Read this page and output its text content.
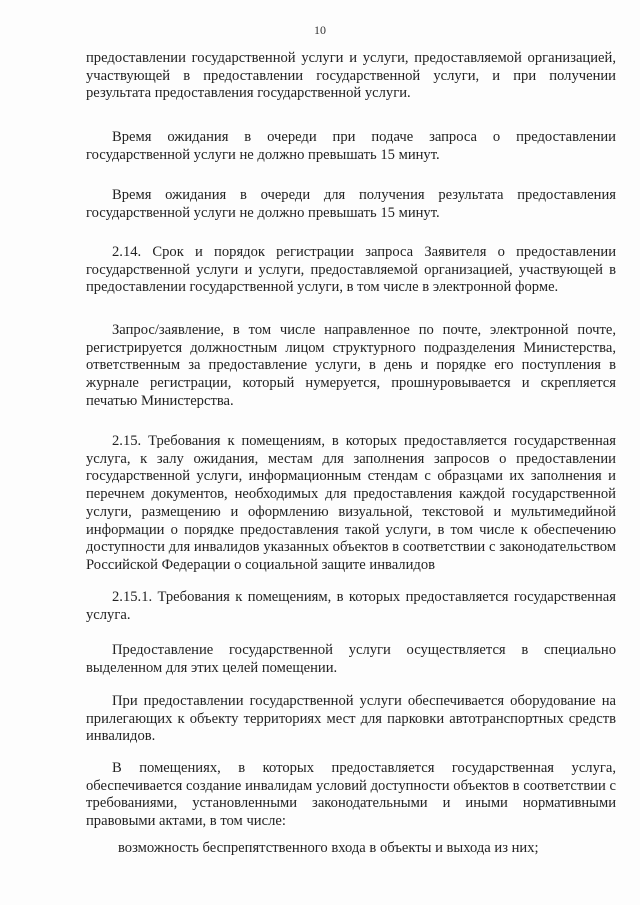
10

предоставлении государственной услуги и услуги, предоставляемой организацией, участвующей в предоставлении государственной услуги, и при получении результата предоставления государственной услуги.

Время ожидания в очереди при подаче запроса о предоставлении государственной услуги не должно превышать 15 минут.

Время ожидания в очереди для получения результата предоставления государственной услуги не должно превышать 15 минут.

2.14. Срок и порядок регистрации запроса Заявителя о предоставлении государственной услуги и услуги, предоставляемой организацией, участвующей в предоставлении государственной услуги, в том числе в электронной форме.

Запрос/заявление, в том числе направленное по почте, электронной почте, регистрируется должностным лицом структурного подразделения Министерства, ответственным за предоставление услуги, в день и порядке его поступления в журнале регистрации, который нумеруется, прошнуровывается и скрепляется печатью Министерства.

2.15. Требования к помещениям, в которых предоставляется государственная услуга, к залу ожидания, местам для заполнения запросов о предоставлении государственной услуги, информационным стендам с образцами их заполнения и перечнем документов, необходимых для предоставления каждой государственной услуги, размещению и оформлению визуальной, текстовой и мультимедийной информации о порядке предоставления такой услуги, в том числе к обеспечению доступности для инвалидов указанных объектов в соответствии с законодательством Российской Федерации о социальной защите инвалидов

2.15.1. Требования к помещениям, в которых предоставляется государственная услуга.

Предоставление государственной услуги осуществляется в специально выделенном для этих целей помещении.

При предоставлении государственной услуги обеспечивается оборудование на прилегающих к объекту территориях мест для парковки автотранспортных средств инвалидов.

В помещениях, в которых предоставляется государственная услуга, обеспечивается создание инвалидам условий доступности объектов в соответствии с требованиями, установленными законодательными и иными нормативными правовыми актами, в том числе:

возможность беспрепятственного входа в объекты и выхода из них;
